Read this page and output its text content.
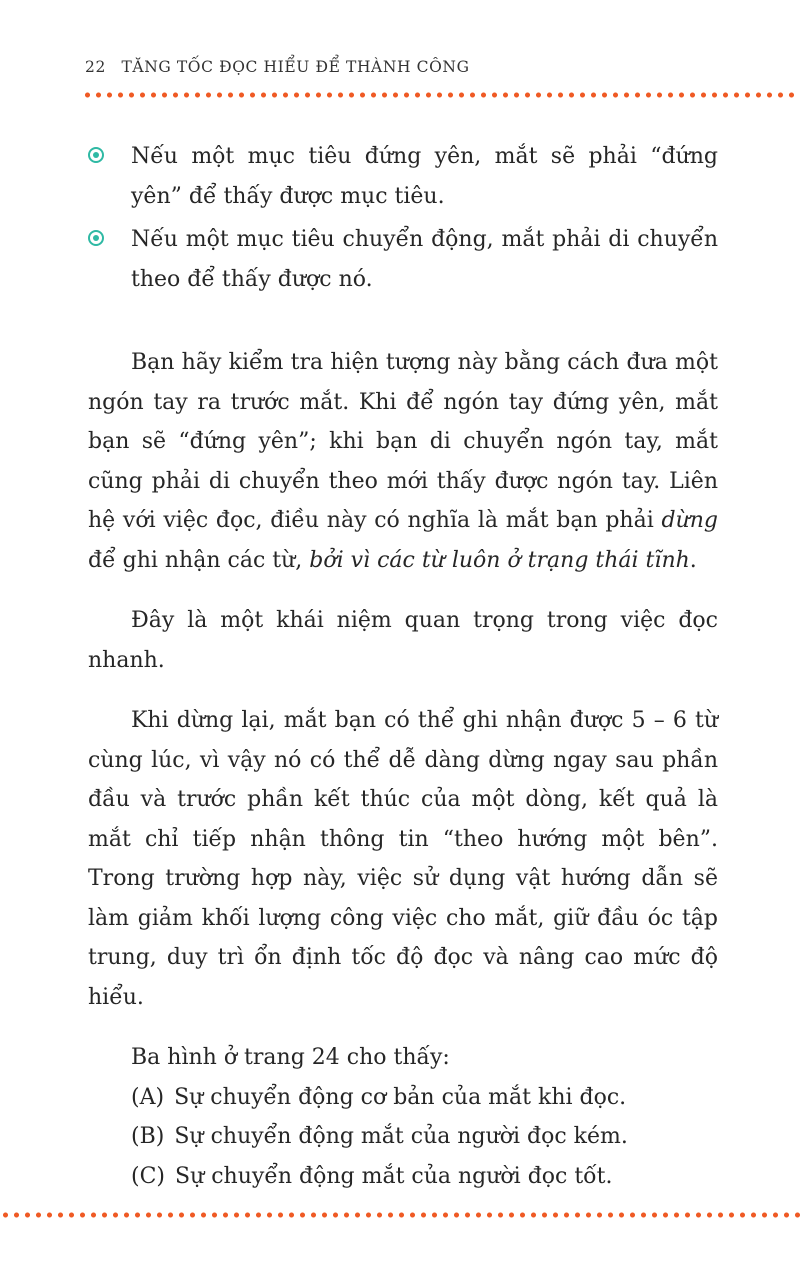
22 TĂNG TỐC ĐỌC HIỂU ĐỂ THÀNH CÔNG
Nếu một mục tiêu đứng yên, mắt sẽ phải “đứng yên” để thấy được mục tiêu.
Nếu một mục tiêu chuyển động, mắt phải di chuyển theo để thấy được nó.

Bạn hãy kiểm tra hiện tượng này bằng cách đưa một ngón tay ra trước mắt. Khi để ngón tay đứng yên, mắt bạn sẽ “đứng yên”; khi bạn di chuyển ngón tay, mắt cũng phải di chuyển theo mới thấy được ngón tay. Liên hệ với việc đọc, điều này có nghĩa là mắt bạn phải dừng để ghi nhận các từ, bởi vì các từ luôn ở trạng thái tĩnh.

Đây là một khái niệm quan trọng trong việc đọc nhanh.

Khi dừng lại, mắt bạn có thể ghi nhận được 5 – 6 từ cùng lúc, vì vậy nó có thể dễ dàng dừng ngay sau phần đầu và trước phần kết thúc của một dòng, kết quả là mắt chỉ tiếp nhận thông tin “theo hướng một bên”. Trong trường hợp này, việc sử dụng vật hướng dẫn sẽ làm giảm khối lượng công việc cho mắt, giữ đầu óc tập trung, duy trì ổn định tốc độ đọc và nâng cao mức độ hiểu.

Ba hình ở trang 24 cho thấy:

(A) Sự chuyển động cơ bản của mắt khi đọc.
(B) Sự chuyển động mắt của người đọc kém.
(C) Sự chuyển động mắt của người đọc tốt.
